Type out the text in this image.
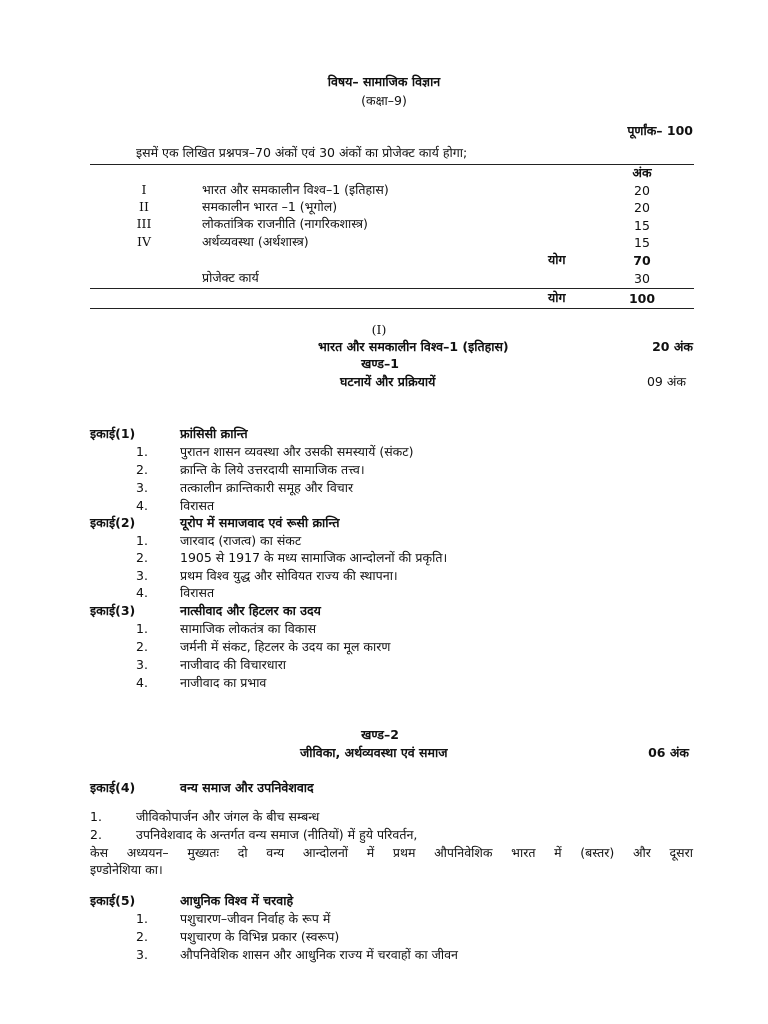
विषय– सामाजिक विज्ञान
(कक्षा–9)
पूर्णांक– 100
इसमें एक लिखित प्रश्नपत्र–70 अंकों एवं 30 अंकों का प्रोजेक्ट कार्य होगा;
अंक
I	भारत और समकालीन विश्व–1 (इतिहास)	20
II	समकालीन भारत –1 (भूगोल)	20
III	लोकतांत्रिक राजनीति (नागरिकशास्त्र)	15
IV	अर्थव्यवस्था (अर्थशास्त्र)	15
योग	70
प्रोजेक्ट कार्य	30
योग	100
(I)
भारत और समकालीन विश्व–1 (इतिहास)	20 अंक
खण्ड–1
घटनायें और प्रक्रियायें	09 अंक
इकाई(1)	फ्रांसिसी क्रान्ति
1.	पुरातन शासन व्यवस्था और उसकी समस्यायें (संकट)
2.	क्रान्ति के लिये उत्तरदायी सामाजिक तत्त्व।
3.	तत्कालीन क्रान्तिकारी समूह और विचार
4.	विरासत
इकाई(2)	यूरोप में समाजवाद एवं रूसी क्रान्ति
1.	जारवाद (राजत्व) का संकट
2.	1905 से 1917 के मध्य सामाजिक आन्दोलनों की प्रकृति।
3.	प्रथम विश्व युद्ध और सोवियत राज्य की स्थापना।
4.	विरासत
इकाई(3)	नात्सीवाद और हिटलर का उदय
1.	सामाजिक लोकतंत्र का विकास
2.	जर्मनी में संकट, हिटलर के उदय का मूल कारण
3.	नाजीवाद की विचारधारा
4.	नाजीवाद का प्रभाव
खण्ड–2
जीविका, अर्थव्यवस्था एवं समाज	06 अंक
इकाई(4)	वन्य समाज और उपनिवेशवाद
1.	जीविकोपार्जन और जंगल के बीच सम्बन्ध
2.	उपनिवेशवाद के अन्तर्गत वन्य समाज (नीतियों) में हुये परिवर्तन,
केस अध्ययन– मुख्यतः दो वन्य आन्दोलनों में प्रथम औपनिवेशिक भारत में (बस्तर) और दूसरा
इण्डोनेशिया का।
इकाई(5)	आधुनिक विश्व में चरवाहे
1.	पशुचारण–जीवन निर्वाह के रूप में
2.	पशुचारण के विभिन्न प्रकार (स्वरूप)
3.	औपनिवेशिक शासन और आधुनिक राज्य में चरवाहों का जीवन
